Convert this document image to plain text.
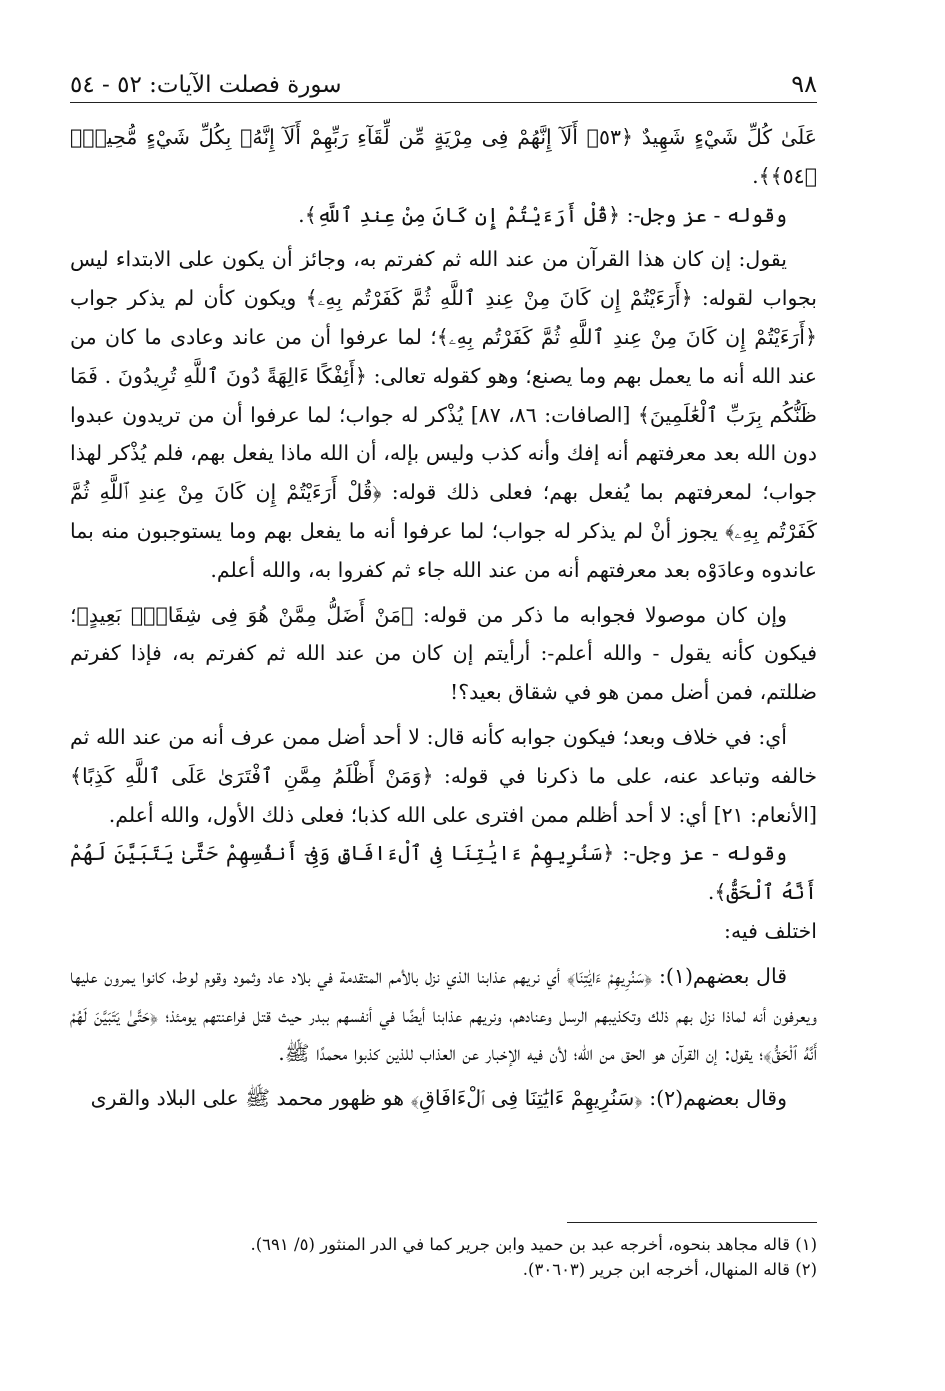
٩٨
سورة فصلت الآيات: ٥٢ - ٥٤

عَلَىٰ كُلِّ شَيْءٍ شَهِيدٌ ﴿٥٣﴾ أَلَآ إِنَّهُمْ فِى مِرْيَةٍ مِّن لِّقَآءِ رَبِّهِمْ أَلَآ إِنَّهُۥ بِكُلِّ شَيْءٍ مُّحِيطٌۢ ﴿٥٤﴾﴾.

وقوله - عز وجل-: ﴿قُلْ أَرَءَيْتُمْ إِن كَانَ مِنْ عِندِ ٱللَّهِ﴾.

يقول: إن كان هذا القرآن من عند الله ثم كفرتم به، وجائز أن يكون على الابتداء ليس بجواب لقوله: ﴿أَرَءَيْتُمْ إِن كَانَ مِنْ عِندِ ٱللَّهِ ثُمَّ كَفَرْتُم بِهِۦ﴾ ويكون كأن لم يذكر جواب ﴿أَرَءَيْتُمْ إِن كَانَ مِنْ عِندِ ٱللَّهِ ثُمَّ كَفَرْتُم بِهِۦ﴾؛ لما عرفوا أن من عاند وعادى ما كان من عند الله أنه ما يعمل بهم وما يصنع؛ وهو كقوله تعالى: ﴿أَئِفْكًا ءَالِهَةً دُونَ ٱللَّهِ تُرِيدُونَ . فَمَا ظَنُّكُم بِرَبِّ ٱلْعَٰلَمِينَ﴾ [الصافات: ٨٦، ٨٧] يُذْكر له جواب؛ لما عرفوا أن من تريدون عبدوا دون الله بعد معرفتهم أنه إفك وأنه كذب وليس بإله، أن الله ماذا يفعل بهم، فلم يُذْكر لهذا جواب؛ لمعرفتهم بما يُفعل بهم؛ فعلى ذلك قوله: ﴿قُلْ أَرَءَيْتُمْ إِن كَانَ مِنْ عِندِ ٱللَّهِ ثُمَّ كَفَرْتُم بِهِۦ﴾ يجوز أنْ لم يذكر له جواب؛ لما عرفوا أنه ما يفعل بهم وما يستوجبون منه بما عاندوه وعادَوْه بعد معرفتهم أنه من عند الله جاء ثم كفروا به، والله أعلم.

وإن كان موصولا فجوابه ما ذكر من قوله: ﴿مَنْ أَضَلُّ مِمَّنْ هُوَ فِى شِقَاقٍۭ بَعِيدٍ﴾؛ فيكون كأنه يقول - والله أعلم-: أرأيتم إن كان من عند الله ثم كفرتم به، فإذا كفرتم ضللتم، فمن أضل ممن هو في شقاق بعيد؟!

أي: في خلاف وبعد؛ فيكون جوابه كأنه قال: لا أحد أضل ممن عرف أنه من عند الله ثم خالفه وتباعد عنه، على ما ذكرنا في قوله: ﴿وَمَنْ أَظْلَمُ مِمَّنِ ٱفْتَرَىٰ عَلَى ٱللَّهِ كَذِبًا﴾ [الأنعام: ٢١] أي: لا أحد أظلم ممن افترى على الله كذبا؛ فعلى ذلك الأول، والله أعلم.

وقوله - عز وجل-: ﴿سَنُرِيهِمْ ءَايَٰتِنَا فِى ٱلْءَافَاقِ وَفِىٓ أَنفُسِهِمْ حَتَّىٰ يَتَبَيَّنَ لَهُمْ أَنَّهُ ٱلْحَقُّ﴾.

اختلف فيه:

قال بعضهم(١): ﴿سَنُرِيهِمْ ءَايَٰتِنَا﴾ أي نريهم عذابنا الذي نزل بالأمم المتقدمة في بلاد عاد وثمود وقوم لوط، كانوا يمرون عليها ويعرفون أنه لماذا نزل بهم ذلك وتكذيبهم الرسل وعنادهم، ونريهم عذابنا أيضًا في أنفسهم ببدر حيث قتل فراعنتهم يومئذ؛ ﴿حَتَّىٰ يَتَبَيَّنَ لَهُمْ أَنَّهُ ٱلْحَقُّ﴾؛ يقول: إن القرآن هو الحق من الله؛ لأن فيه الإخبار عن العذاب للذين كذبوا محمدًا ﷺ.

وقال بعضهم(٢): ﴿سَنُرِيهِمْ ءَايَٰتِنَا فِى ٱلْءَافَاقِ﴾ هو ظهور محمد ﷺ على البلاد والقرى

(١) قاله مجاهد بنحوه، أخرجه عبد بن حميد وابن جرير كما في الدر المنثور (٥/ ٦٩١).

(٢) قاله المنهال، أخرجه ابن جرير (٣٠٦٠٣).
